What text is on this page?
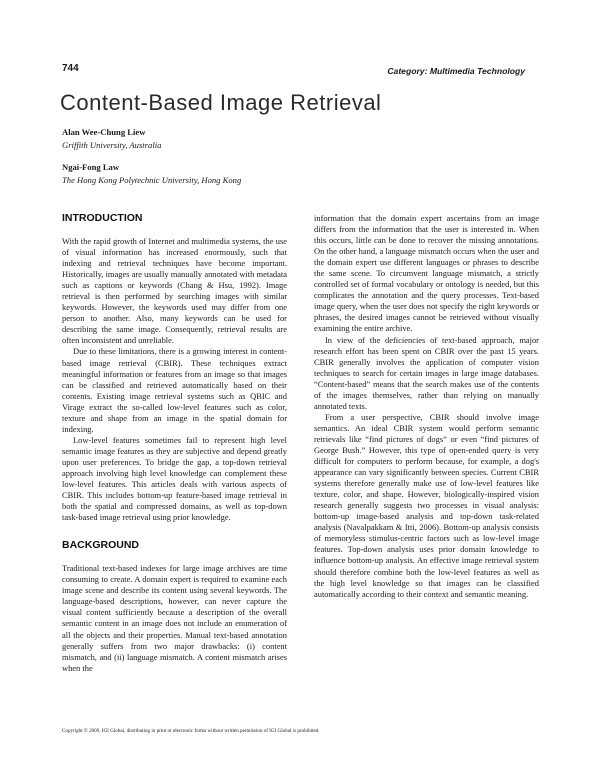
744	Category: Multimedia Technology
Content-Based Image Retrieval
Alan Wee-Chung Liew
Griffith University, Australia
Ngai-Fong Law
The Hong Kong Polytechnic University, Hong Kong
INTRODUCTION

With the rapid growth of Internet and multimedia systems, the use of visual information has increased enormously, such that indexing and retrieval techniques have become important. Historically, images are usually manually annotated with metadata such as captions or keywords (Chang & Hsu, 1992). Image retrieval is then performed by searching images with similar keywords. However, the keywords used may differ from one person to another. Also, many keywords can be used for describing the same image. Consequently, retrieval results are often inconsistent and unreliable.

Due to these limitations, there is a growing interest in content-based image retrieval (CBIR). These techniques extract meaningful information or features from an image so that images can be classified and retrieved automatically based on their contents. Existing image retrieval systems such as QBIC and Virage extract the so-called low-level features such as color, texture and shape from an image in the spatial domain for indexing.

Low-level features sometimes fail to represent high level semantic image features as they are subjective and depend greatly upon user preferences. To bridge the gap, a top-down retrieval approach involving high level knowledge can complement these low-level features. This articles deals with various aspects of CBIR. This includes bottom-up feature-based image retrieval in both the spatial and compressed domains, as well as top-down task-based image retrieval using prior knowledge.

BACKGROUND

Traditional text-based indexes for large image archives are time consuming to create. A domain expert is required to examine each image scene and describe its content using several keywords. The language-based descriptions, however, can never capture the visual content sufficiently because a description of the overall semantic content in an image does not include an enumeration of all the objects and their properties. Manual text-based annotation generally suffers from two major drawbacks: (i) content mismatch, and (ii) language mismatch. A content mismatch arises when the

information that the domain expert ascertains from an image differs from the information that the user is interested in. When this occurs, little can be done to recover the missing annotations. On the other hand, a language mismatch occurs when the user and the domain expert use different languages or phrases to describe the same scene. To circumvent language mismatch, a strictly controlled set of formal vocabulary or ontology is needed, but this complicates the annotation and the query processes. Text-based image query, when the user does not specify the right keywords or phrases, the desired images cannot be retrieved without visually examining the entire archive.

In view of the deficiencies of text-based approach, major research effort has been spent on CBIR over the past 15 years. CBIR generally involves the application of computer vision techniques to search for certain images in large image databases. “Content-based” means that the search makes use of the contents of the images themselves, rather than relying on manually annotated texts.

From a user perspective, CBIR should involve image semantics. An ideal CBIR system would perform semantic retrievals like “find pictures of dogs” or even “find pictures of George Bush.” However, this type of open-ended query is very difficult for computers to perform because, for example, a dog's appearance can vary significantly between species. Current CBIR systems therefore generally make use of low-level features like texture, color, and shape. However, biologically-inspired vision research generally suggests two processes in visual analysis: bottom-up image-based analysis and top-down task-related analysis (Navalpakkam & Itti, 2006). Bottom-up analysis consists of memoryless stimulus-centric factors such as low-level image features. Top-down analysis uses prior domain knowledge to influence bottom-up analysis. An effective image retrieval system should therefore combine both the low-level features as well as the high level knowledge so that images can be classified automatically according to their context and semantic meaning.

Copyright © 2009, IGI Global, distributing in print or electronic forms without written permission of IGI Global is prohibited.
